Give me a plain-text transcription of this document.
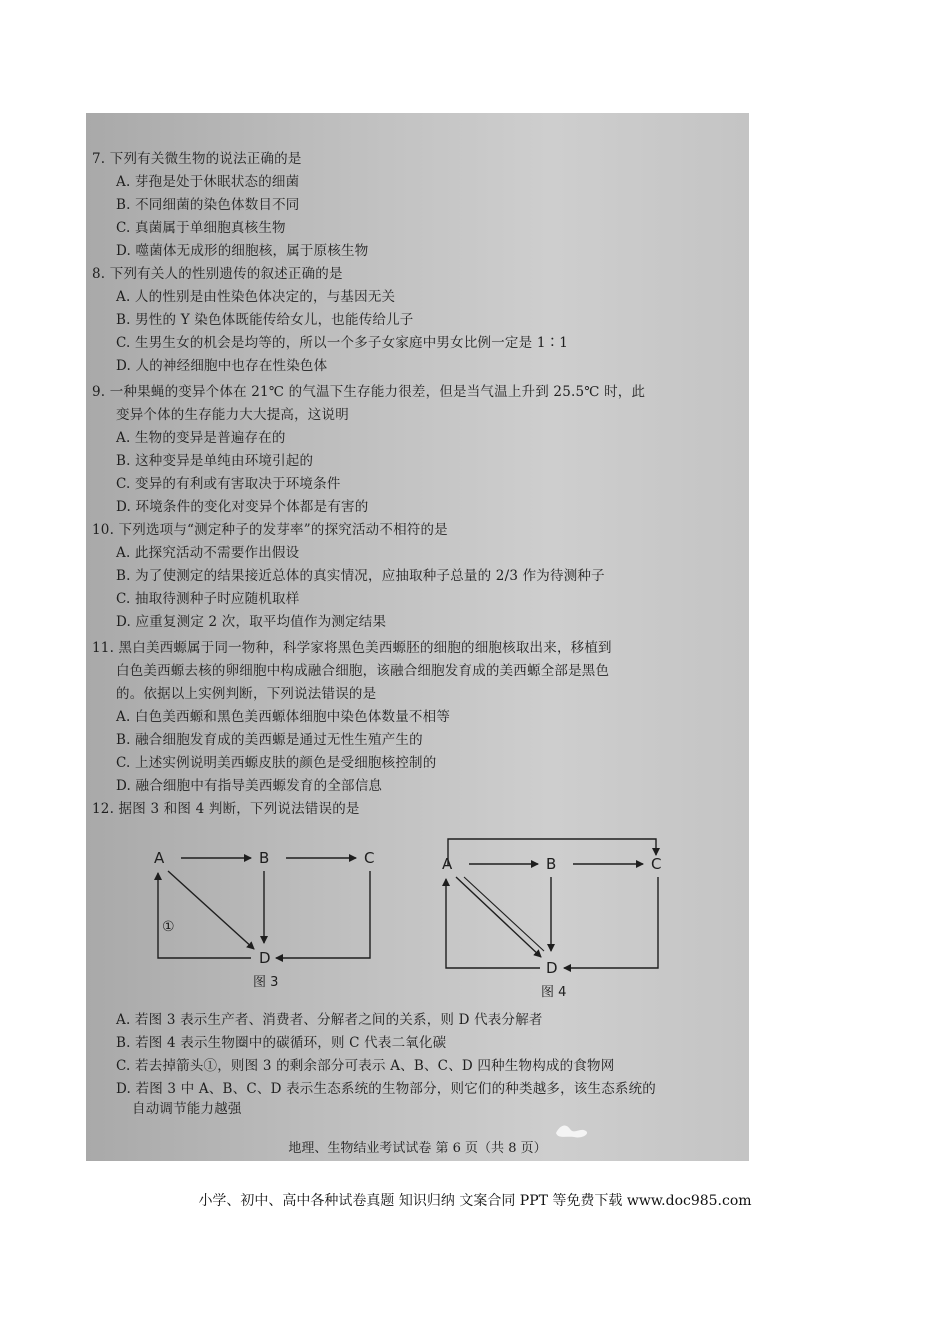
7. 下列有关微生物的说法正确的是
A. 芽孢是处于休眠状态的细菌
B. 不同细菌的染色体数目不同
C. 真菌属于单细胞真核生物
D. 噬菌体无成形的细胞核，属于原核生物
8. 下列有关人的性别遗传的叙述正确的是
A. 人的性别是由性染色体决定的，与基因无关
B. 男性的 Y 染色体既能传给女儿，也能传给儿子
C. 生男生女的机会是均等的，所以一个多子女家庭中男女比例一定是 1∶1
D. 人的神经细胞中也存在性染色体
9. 一种果蝇的变异个体在 21℃ 的气温下生存能力很差，但是当气温上升到 25.5℃ 时，此
变异个体的生存能力大大提高，这说明
A. 生物的变异是普遍存在的
B. 这种变异是单纯由环境引起的
C. 变异的有利或有害取决于环境条件
D. 环境条件的变化对变异个体都是有害的
10. 下列选项与“测定种子的发芽率”的探究活动不相符的是
A. 此探究活动不需要作出假设
B. 为了使测定的结果接近总体的真实情况，应抽取种子总量的 2/3 作为待测种子
C. 抽取待测种子时应随机取样
D. 应重复测定 2 次，取平均值作为测定结果
11. 黑白美西螈属于同一物种，科学家将黑色美西螈胚的细胞的细胞核取出来，移植到
白色美西螈去核的卵细胞中构成融合细胞，该融合细胞发育成的美西螈全部是黑色
的。依据以上实例判断，下列说法错误的是
A. 白色美西螈和黑色美西螈体细胞中染色体数量不相等
B. 融合细胞发育成的美西螈是通过无性生殖产生的
C. 上述实例说明美西螈皮肤的颜色是受细胞核控制的
D. 融合细胞中有指导美西螈发育的全部信息
12. 据图 3 和图 4 判断，下列说法错误的是
A	B	C
D
①
图 3
A	B	C
D
图 4
A. 若图 3 表示生产者、消费者、分解者之间的关系，则 D 代表分解者
B. 若图 4 表示生物圈中的碳循环，则 C 代表二氧化碳
C. 若去掉箭头①，则图 3 的剩余部分可表示 A、B、C、D 四种生物构成的食物网
D. 若图 3 中 A、B、C、D 表示生态系统的生物部分，则它们的种类越多，该生态系统的
自动调节能力越强
地理、生物结业考试试卷 第 6 页（共 8 页）
小学、初中、高中各种试卷真题 知识归纳 文案合同 PPT 等免费下载 www.doc985.com
